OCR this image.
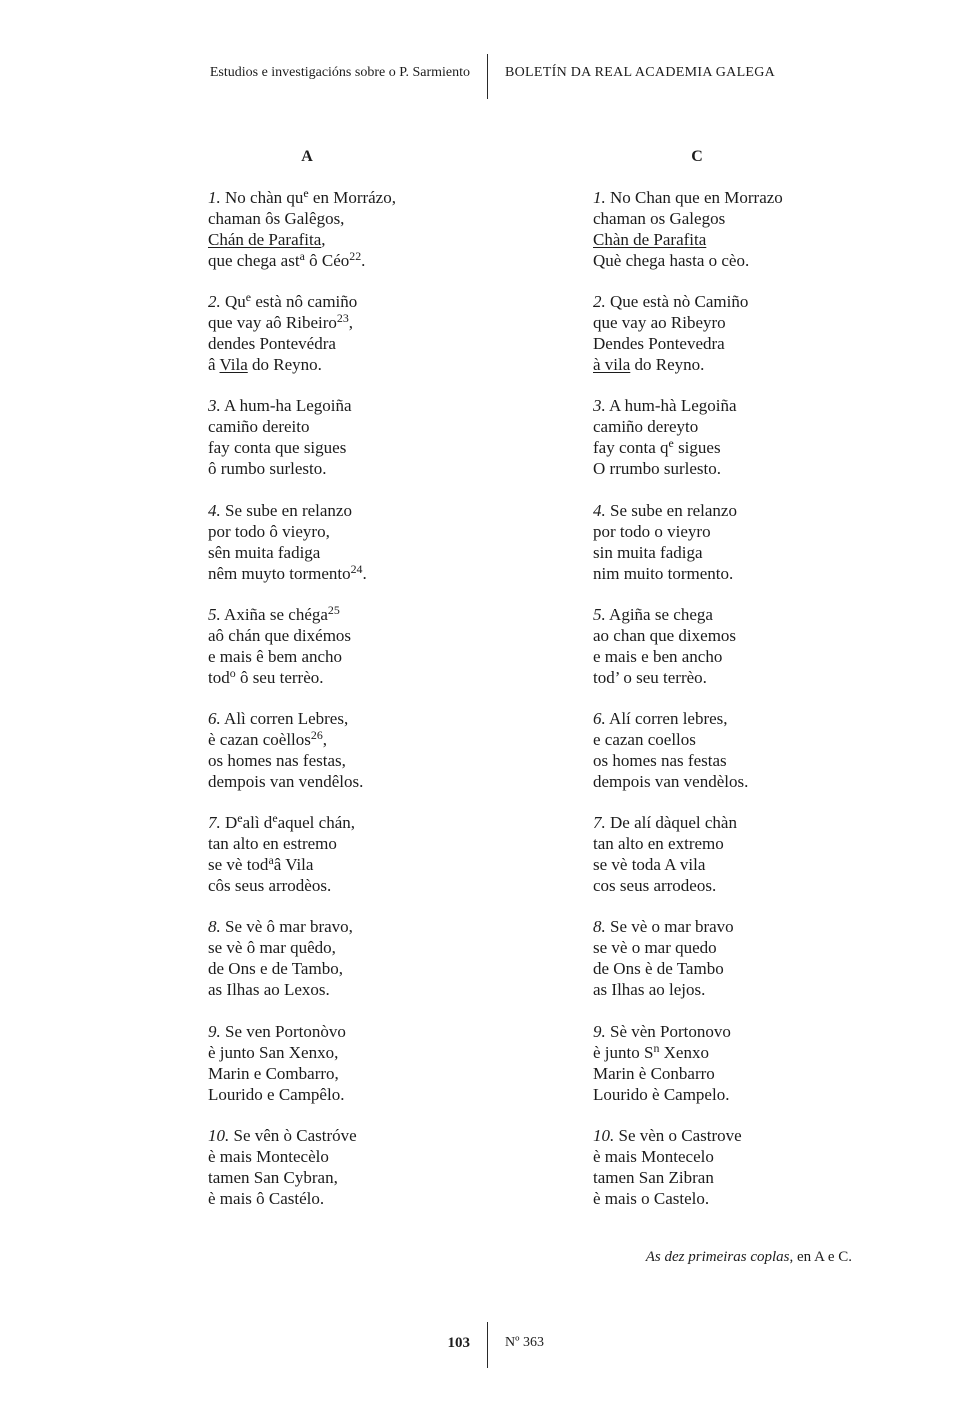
Estudios e investigacións sobre o P. Sarmiento	BOLETÍN DA REAL ACADEMIA GALEGA
A
1. No chàn $qu^e$ en Morrázo,
chaman ôs Galêgos,
Chán de Parafita,
que chega ast$^a$ ô Céo$^{22}$.
2. Qu$^e$ està nô camiño
que vay aô Ribeiro$^{23}$,
dendes Pontevédra
â Vila do Reyno.
3. A hum-ha Legoiña
camiño dereito
fay conta que sigues
ô rumbo surlesto.
4. Se sube en relanzo
por todo ô vieyro,
sên muita fadiga
nêm muyto tormento$^{24}$.
5. Axiña se chéga$^{25}$
aô chán que dixémos
e mais ê bem ancho
tod$^o$ ô seu terrèo.
6. Alì corren Lebres,
è cazan coèllos$^{26}$,
os homes nas festas,
dempois van vendêlos.
7. Dealì $d^eaquel$ chán,
tan alto en estremo
se vè tod$^a$â Vila
côs seus arrodèos.
8. Se vè ô mar bravo,
se vè ô mar quêdo,
de Ons e de Tambo,
as Ilhas ao Lexos.
9. Se ven Portonòvo
è junto San Xenxo,
Marin e Combarro,
Lourido e Campêlo.
10. Se vên ò Castróve
è mais Montecèlo
tamen San Cybran,
è mais ô Castélo.
C
1. No Chan que en Morrazo
chaman os Galegos
Chàn de Parafita
Què chega hasta o cèo.
2. Que està nò Camiño
que vay ao Ribeyro
Dendes Pontevedra
à vila do Reyno.
3. A hum-hà Legoiña
camiño dereyto
fay conta $q^e$ sigues
O rrumbo surlesto.
4. Se sube en relanzo
por todo o vieyro
sin muita fadiga
nim muito tormento.
5. Agiña se chega
ao chan que dixemos
e mais e ben ancho
tod’ o seu terrèo.
6. Alí corren lebres,
e cazan coellos
os homes nas festas
dempois van vendèlos.
7. De alí dàquel chàn
tan alto en extremo
se vè toda A vila
cos seus arrodeos.
8. Se vè o mar bravo
se vè o mar quedo
de Ons è de Tambo
as Ilhas ao lejos.
9. Sè vèn Portonovo
è junto $S^n$ Xenxo
Marin è Conbarro
Lourido è Campelo.
10. Se vèn o Castrove
è mais Montecelo
tamen San Zibran
è mais o Castelo.
As dez primeiras coplas, en A e C.
103	Nº 363
